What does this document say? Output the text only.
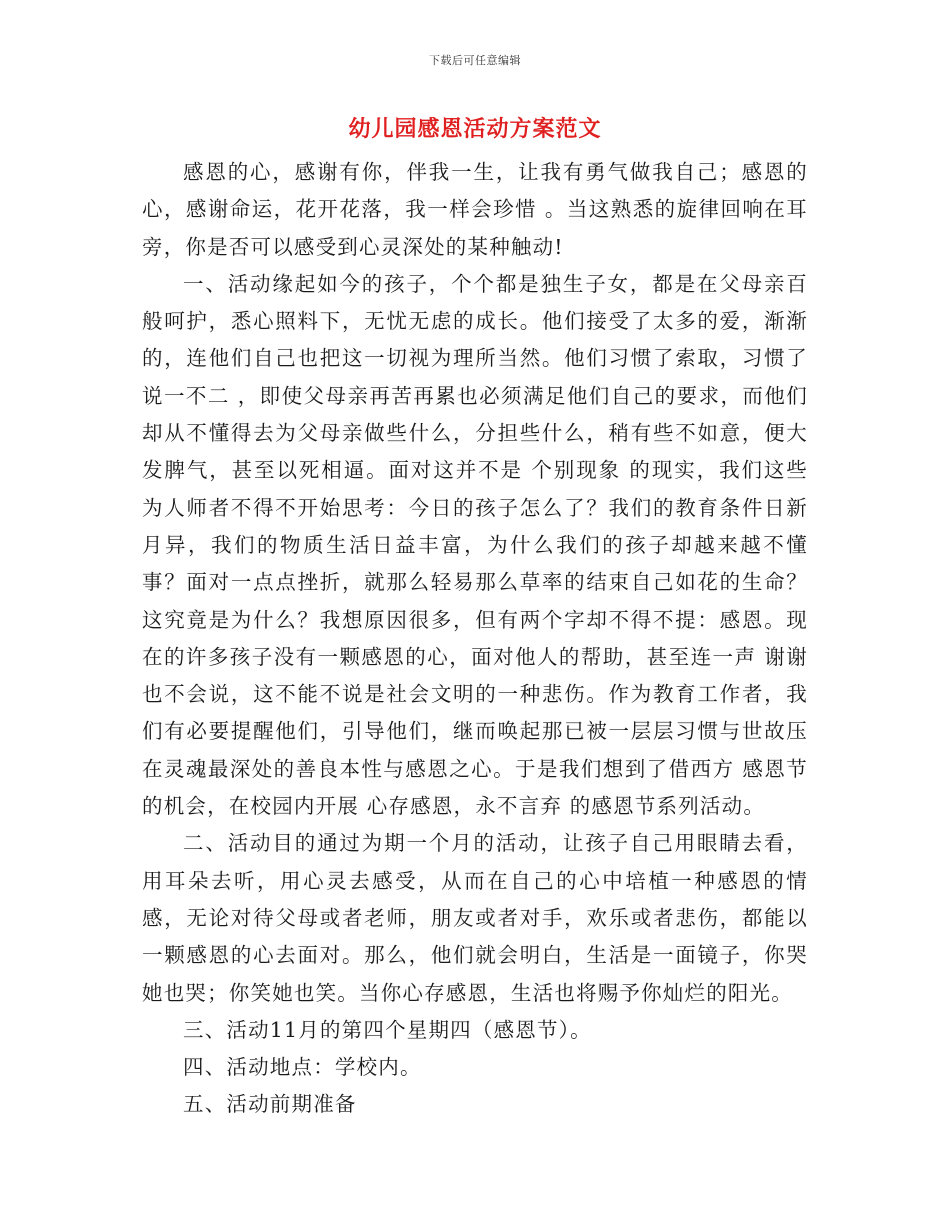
下载后可任意编辑
幼儿园感恩活动方案范文

感恩的心，感谢有你，伴我一生，让我有勇气做我自己；感恩的心，感谢命运，花开花落，我一样会珍惜 。当这熟悉的旋律回响在耳旁，你是否可以感受到心灵深处的某种触动!

一、活动缘起如今的孩子，个个都是独生子女，都是在父母亲百般呵护，悉心照料下，无忧无虑的成长。他们接受了太多的爱，渐渐的，连他们自己也把这一切视为理所当然。他们习惯了索取，习惯了说一不二 ，即使父母亲再苦再累也必须满足他们自己的要求，而他们却从不懂得去为父母亲做些什么，分担些什么，稍有些不如意，便大发脾气，甚至以死相逼。面对这并不是 个别现象 的现实，我们这些为人师者不得不开始思考：今日的孩子怎么了？我们的教育条件日新月异，我们的物质生活日益丰富，为什么我们的孩子却越来越不懂事？面对一点点挫折，就那么轻易那么草率的结束自己如花的生命？这究竟是为什么？我想原因很多，但有两个字却不得不提：感恩。现在的许多孩子没有一颗感恩的心，面对他人的帮助，甚至连一声 谢谢 也不会说，这不能不说是社会文明的一种悲伤。作为教育工作者，我们有必要提醒他们，引导他们，继而唤起那已被一层层习惯与世故压在灵魂最深处的善良本性与感恩之心。于是我们想到了借西方 感恩节 的机会，在校园内开展 心存感恩，永不言弃 的感恩节系列活动。

二、活动目的通过为期一个月的活动，让孩子自己用眼睛去看，用耳朵去听，用心灵去感受，从而在自己的心中培植一种感恩的情感，无论对待父母或者老师，朋友或者对手，欢乐或者悲伤，都能以一颗感恩的心去面对。那么，他们就会明白，生活是一面镜子，你哭她也哭；你笑她也笑。当你心存感恩，生活也将赐予你灿烂的阳光。

三、活动11月的第四个星期四（感恩节）。

四、活动地点：学校内。

五、活动前期准备
